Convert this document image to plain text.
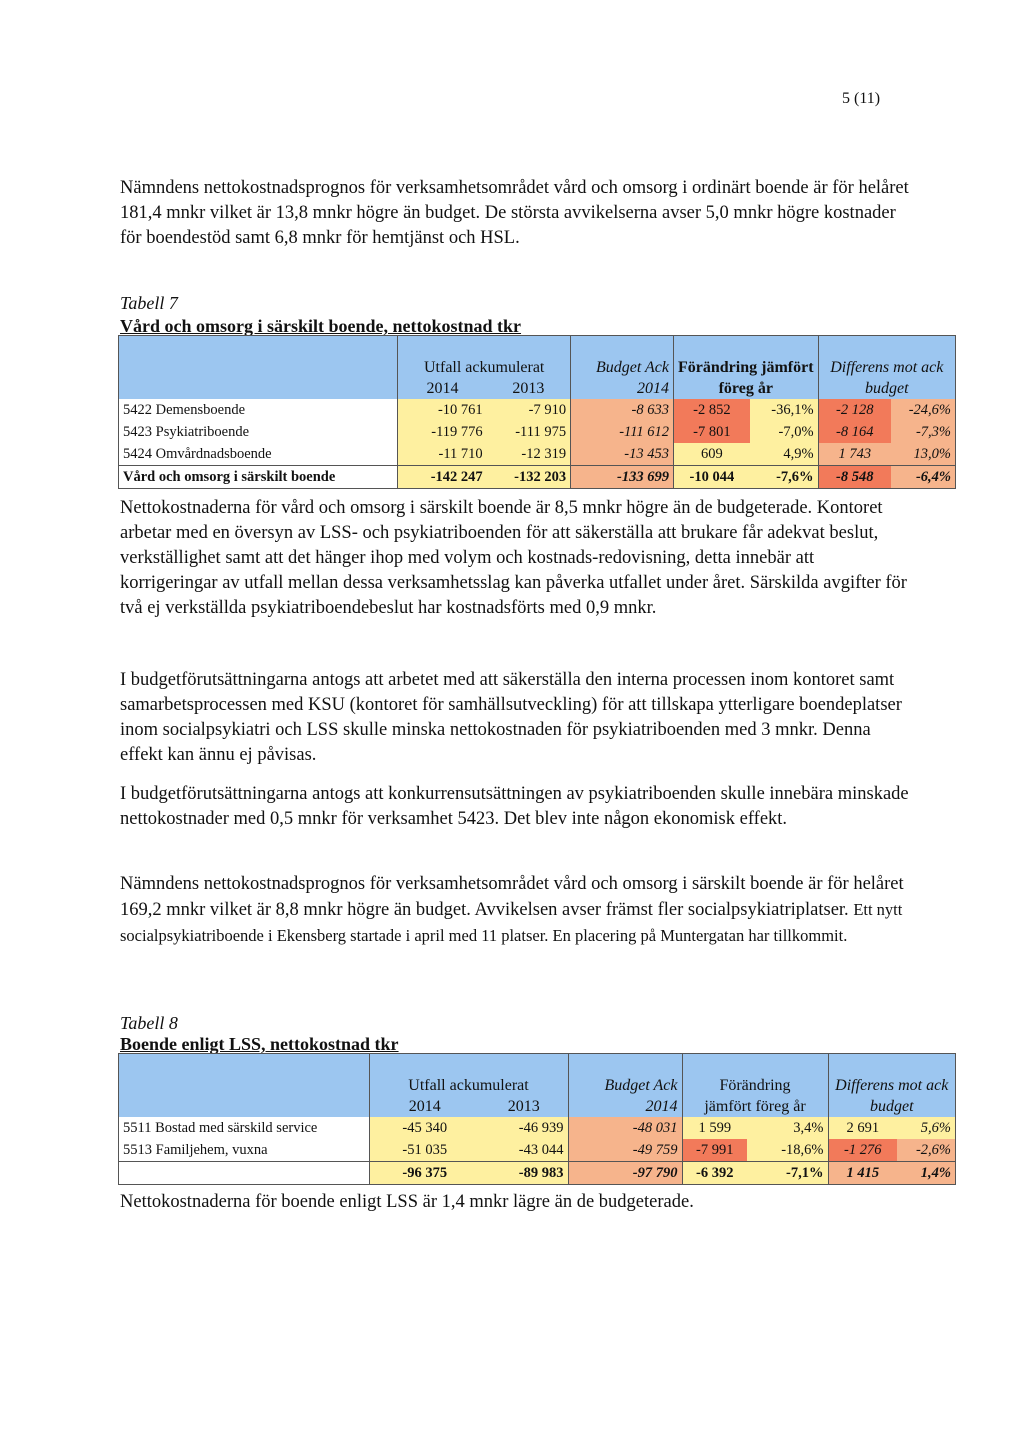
5 (11)

Nämndens nettokostnadsprognos för verksamhetsområdet vård och omsorg i ordinärt boende är för helåret 181,4 mnkr vilket är 13,8 mnkr högre än budget. De största avvikelserna avser 5,0 mnkr högre kostnader för boendestöd samt 6,8 mnkr för hemtjänst och HSL.

Tabell 7
Vård och omsorg i särskilt boende, nettokostnad tkr

	Utfall ackumulerat		Budget Ack	Förändring jämfört		Differens mot ack	
	2014	2013	2014	föreg år		budget	
5422 Demensboende	-10 761	-7 910	-8 633	-2 852	-36,1%	-2 128	-24,6%
5423 Psykiatriboende	-119 776	-111 975	-111 612	-7 801	-7,0%	-8 164	-7,3%
5424 Omvårdnadsboende	-11 710	-12 319	-13 453	609	4,9%	1 743	13,0%
Vård och omsorg i särskilt boende	-142 247	-132 203	-133 699	-10 044	-7,6%	-8 548	-6,4%

Nettokostnaderna för vård och omsorg i särskilt boende är 8,5 mnkr högre än de budgeterade. Kontoret arbetar med en översyn av LSS- och psykiatriboenden för att säkerställa att brukare får adekvat beslut, verkställighet samt att det hänger ihop med volym och kostnads-redovisning, detta innebär att korrigeringar av utfall mellan dessa verksamhetsslag kan påverka utfallet under året. Särskilda avgifter för två ej verkställda psykiatriboendebeslut har kostnadsförts med 0,9 mnkr.

I budgetförutsättningarna antogs att arbetet med att säkerställa den interna processen inom kontoret samt samarbetsprocessen med KSU (kontoret för samhällsutveckling) för att tillskapa ytterligare boendeplatser inom socialpsykiatri och LSS skulle minska nettokostnaden för psykiatriboenden med 3 mnkr. Denna effekt kan ännu ej påvisas.

I budgetförutsättningarna antogs att konkurrensutsättningen av psykiatriboenden skulle innebära minskade nettokostnader med 0,5 mnkr för verksamhet 5423. Det blev inte någon ekonomisk effekt.

Nämndens nettokostnadsprognos för verksamhetsområdet vård och omsorg i särskilt boende är för helåret 169,2 mnkr vilket är 8,8 mnkr högre än budget. Avvikelsen avser främst fler socialpsykiatriplatser. Ett nytt socialpsykiatriboende i Ekensberg startade i april med 11 platser. En placering på Muntergatan har tillkommit.

Tabell 8
Boende enligt LSS, nettokostnad tkr

	Utfall ackumulerat		Budget Ack	Förändring		Differens mot ack	
	2014	2013	2014	jämfört föreg år		budget	
5511 Bostad med särskild service	-45 340	-46 939	-48 031	1 599	3,4%	2 691	5,6%
5513 Familjehem, vuxna	-51 035	-43 044	-49 759	-7 991	-18,6%	-1 276	-2,6%
	-96 375	-89 983	-97 790	-6 392	-7,1%	1 415	1,4%

Nettokostnaderna för boende enligt LSS är 1,4 mnkr lägre än de budgeterade.
